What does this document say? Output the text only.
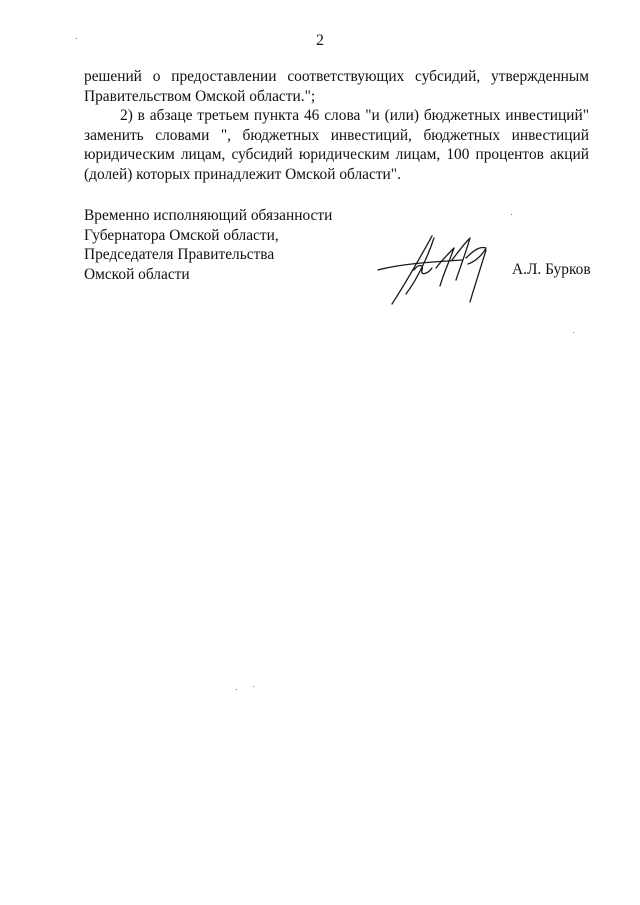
2

решений о предоставлении соответствующих субсидий, утвержденным Правительством Омской области.";

2) в абзаце третьем пункта 46 слова "и (или) бюджетных инвестиций" заменить словами ", бюджетных инвестиций, бюджетных инвестиций юридическим лицам, субсидий юридическим лицам, 100 процентов акций (долей) которых принадлежит Омской области".

Временно исполняющий обязанности
Губернатора Омской области,
Председателя Правительства
Омской области	А.Л. Бурков
